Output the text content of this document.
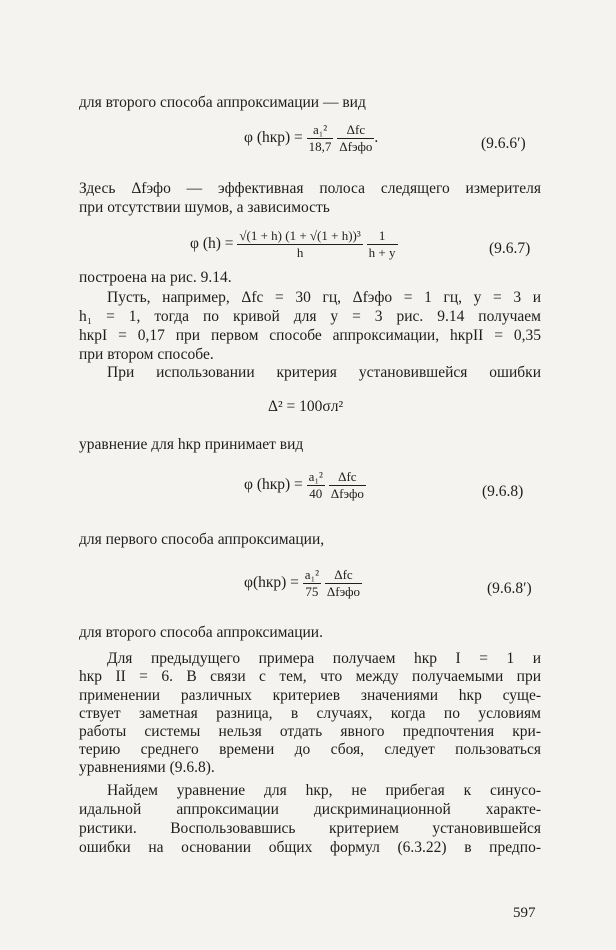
для второго способа аппроксимации — вид
φ $(hкр) = \frac{\text{a₁²}}{18,7}$
$\frac{\text{Δfс}}{\text{Δfэфо}}$ .	(9.6.6′)
Здесь Δfэфо — эффективная полоса следящего измерителя
при отсутствии шумов, а зависимость
φ $(h) = \frac{\text{√(1 + h) (1 + √(1 + h))³}}{h}$
$\frac{1}{h + y}$	(9.6.7)
построена на рис. 9.14.
Пусть, например, Δfс = 30 гц, Δfэфо = 1 гц, y = 3 и
h₁ = 1, тогда по кривой для y = 3 рис. 9.14 получаем
hкрI = 0,17 при первом способе аппроксимации, hкрII = 0,35
при втором способе.
При использовании критерия установившейся ошибки
Δ² = 100σл²
уравнение для hкр принимает вид
φ $(hкр) = \frac{\text{a₁²}}{40}$
$\frac{\text{Δfс}}{\text{Δfэфо}}$	(9.6.8)
для первого способа аппроксимации,
$\varphi(hкр) = \frac{\text{a₁²}}{75}$
$\frac{\text{Δfс}}{\text{Δfэфо}}$	(9.6.8′)
для второго способа аппроксимации.
Для предыдущего примера получаем hкр I = 1 и
hкр II = 6. В связи с тем, что между получаемыми при
применении различных критериев значениями hкр суще-
ствует заметная разница, в случаях, когда по условиям
работы системы нельзя отдать явного предпочтения кри-
терию среднего времени до сбоя, следует пользоваться
уравнениями (9.6.8).
Найдем уравнение для hкр, не прибегая к синусо-
идальной аппроксимации дискриминационной характе-
ристики. Воспользовавшись критерием установившейся
ошибки на основании общих формул (6.3.22) в предпо-
597
